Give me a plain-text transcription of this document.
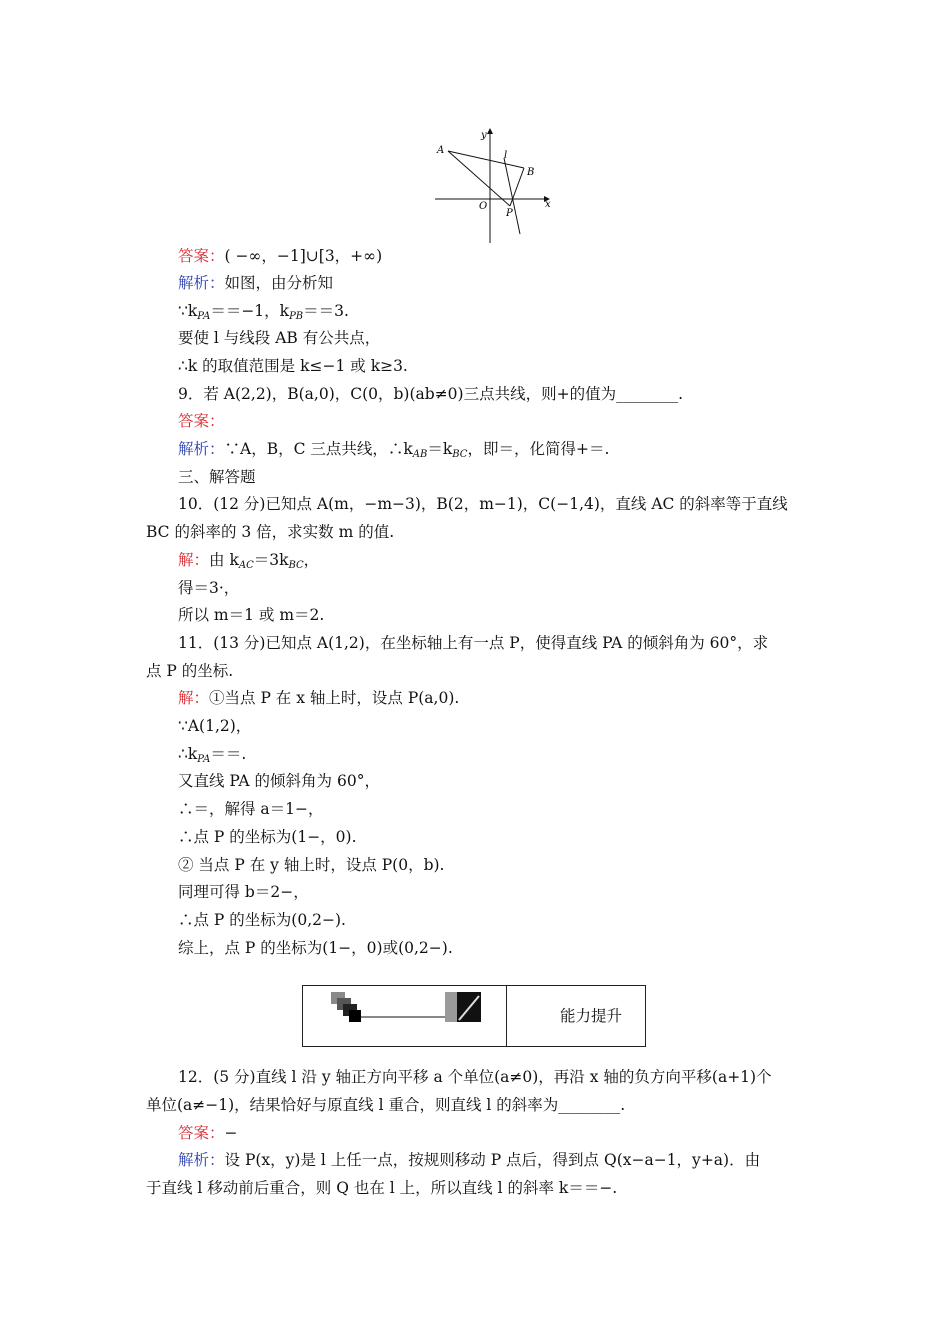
y
x
A
B
l
O
P
答案：( −∞，−1]∪[3，+∞)
解析：如图，由分析知
$\because k_{PA}==-1$，$k_{PB}==3$.
要使 l 与线段 AB 有公共点，
∴k 的取值范围是 k≤−1 或 k≥3.
9．若 A(2,2)，B(a,0)，C(0，b)(ab≠0)三点共线，则+的值为________.
答案：
解析：∵A，B，C 三点共线，$\therefore k_{AB}=k_{BC}$，即＝，化简得+＝.
三、解答题
10．(12 分)已知点 A(m，−m−3)，B(2，m−1)，C(−1,4)，直线 AC 的斜率等于直线
BC 的斜率的 3 倍，求实数 m 的值.
解：由 $k_{AC}=3k_{BC}$，
得＝3·，
所以 m＝1 或 m＝2.
11．(13 分)已知点 A(1,2)，在坐标轴上有一点 P，使得直线 PA 的倾斜角为 60°，求
点 P 的坐标.
解：①当点 P 在 x 轴上时，设点 P(a,0).
∵A(1,2)，
$\therefore k_{PA}==$.
又直线 PA 的倾斜角为 60°，
∴＝，解得 a＝1−，
∴点 P 的坐标为(1−，0).
② 当点 P 在 y 轴上时，设点 P(0，b).
同理可得 b＝2−，
∴点 P 的坐标为(0,2−).
综上，点 P 的坐标为(1−，0)或(0,2−).
能力提升
12．(5 分)直线 l 沿 y 轴正方向平移 a 个单位(a≠0)，再沿 x 轴的负方向平移(a+1)个
单位(a≠−1)，结果恰好与原直线 l 重合，则直线 l 的斜率为________.
答案：−
解析：设 P(x，y)是 l 上任一点，按规则移动 P 点后，得到点 Q(x−a−1，y+a)．由
于直线 l 移动前后重合，则 Q 也在 l 上，所以直线 l 的斜率 k＝＝−.
